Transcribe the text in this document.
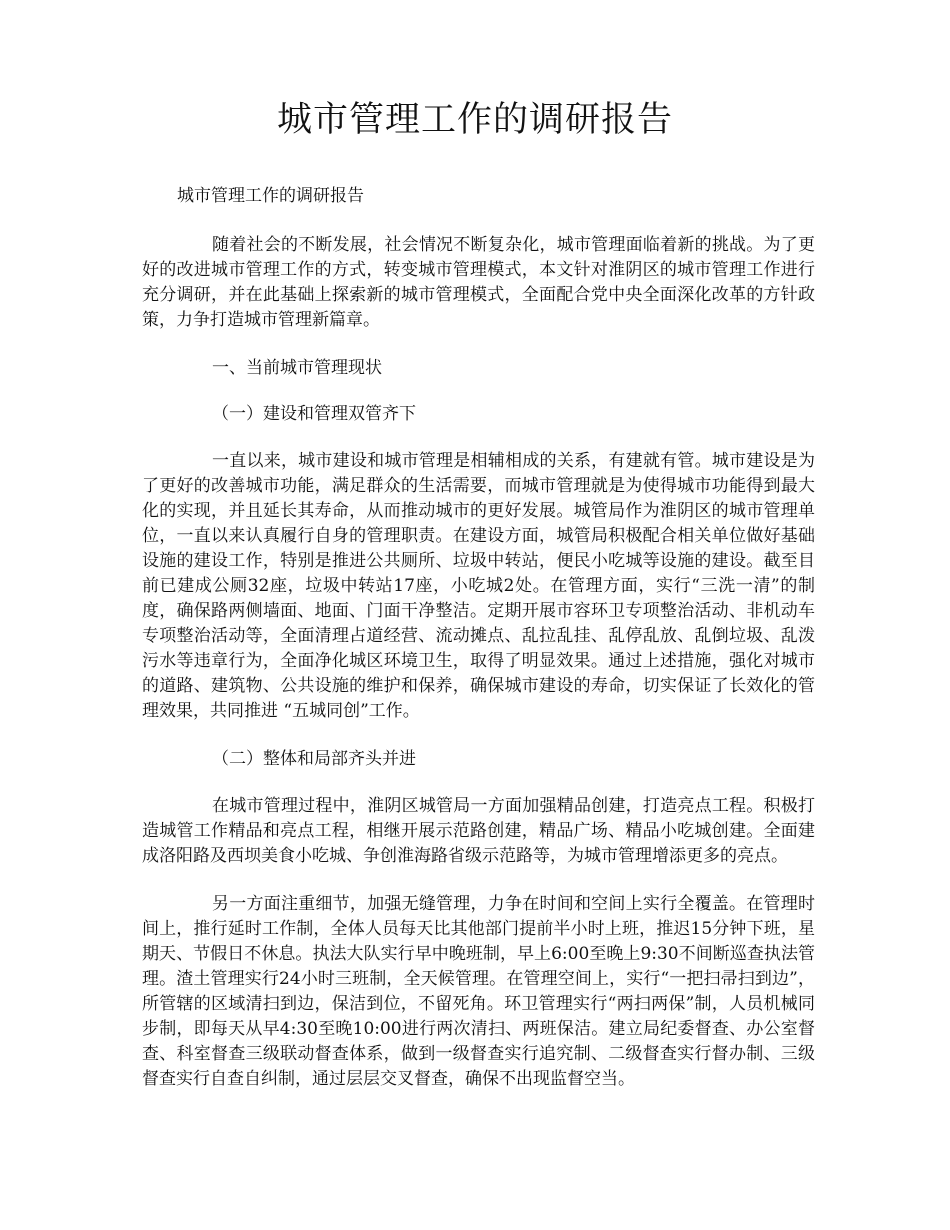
城市管理工作的调研报告

城市管理工作的调研报告

随着社会的不断发展，社会情况不断复杂化，城市管理面临着新的挑战。为了更好的改进城市管理工作的方式，转变城市管理模式，本文针对淮阴区的城市管理工作进行充分调研，并在此基础上探索新的城市管理模式，全面配合党中央全面深化改革的方针政策，力争打造城市管理新篇章。

一、当前城市管理现状

（一）建设和管理双管齐下

一直以来，城市建设和城市管理是相辅相成的关系，有建就有管。城市建设是为了更好的改善城市功能，满足群众的生活需要，而城市管理就是为使得城市功能得到最大化的实现，并且延长其寿命，从而推动城市的更好发展。城管局作为淮阴区的城市管理单位，一直以来认真履行自身的管理职责。在建设方面，城管局积极配合相关单位做好基础设施的建设工作，特别是推进公共厕所、垃圾中转站，便民小吃城等设施的建设。截至目前已建成公厕32座，垃圾中转站17座，小吃城2处。在管理方面，实行“三洗一清”的制度，确保路两侧墙面、地面、门面干净整洁。定期开展市容环卫专项整治活动、非机动车专项整治活动等，全面清理占道经营、流动摊点、乱拉乱挂、乱停乱放、乱倒垃圾、乱泼污水等违章行为，全面净化城区环境卫生，取得了明显效果。通过上述措施，强化对城市的道路、建筑物、公共设施的维护和保养，确保城市建设的寿命，切实保证了长效化的管理效果，共同推进 “五城同创”工作。

（二）整体和局部齐头并进

在城市管理过程中，淮阴区城管局一方面加强精品创建，打造亮点工程。积极打造城管工作精品和亮点工程，相继开展示范路创建，精品广场、精品小吃城创建。全面建成洛阳路及西坝美食小吃城、争创淮海路省级示范路等，为城市管理增添更多的亮点。

另一方面注重细节，加强无缝管理，力争在时间和空间上实行全覆盖。在管理时间上，推行延时工作制，全体人员每天比其他部门提前半小时上班，推迟15分钟下班，星期天、节假日不休息。执法大队实行早中晚班制，早上6:00至晚上9:30不间断巡查执法管理。渣土管理实行24小时三班制，全天候管理。在管理空间上，实行“一把扫帚扫到边”，所管辖的区域清扫到边，保洁到位，不留死角。环卫管理实行“两扫两保”制，人员机械同步制，即每天从早4:30至晚10:00进行两次清扫、两班保洁。建立局纪委督查、办公室督查、科室督查三级联动督查体系，做到一级督查实行追究制、二级督查实行督办制、三级督查实行自查自纠制，通过层层交叉督查，确保不出现监督空当。
